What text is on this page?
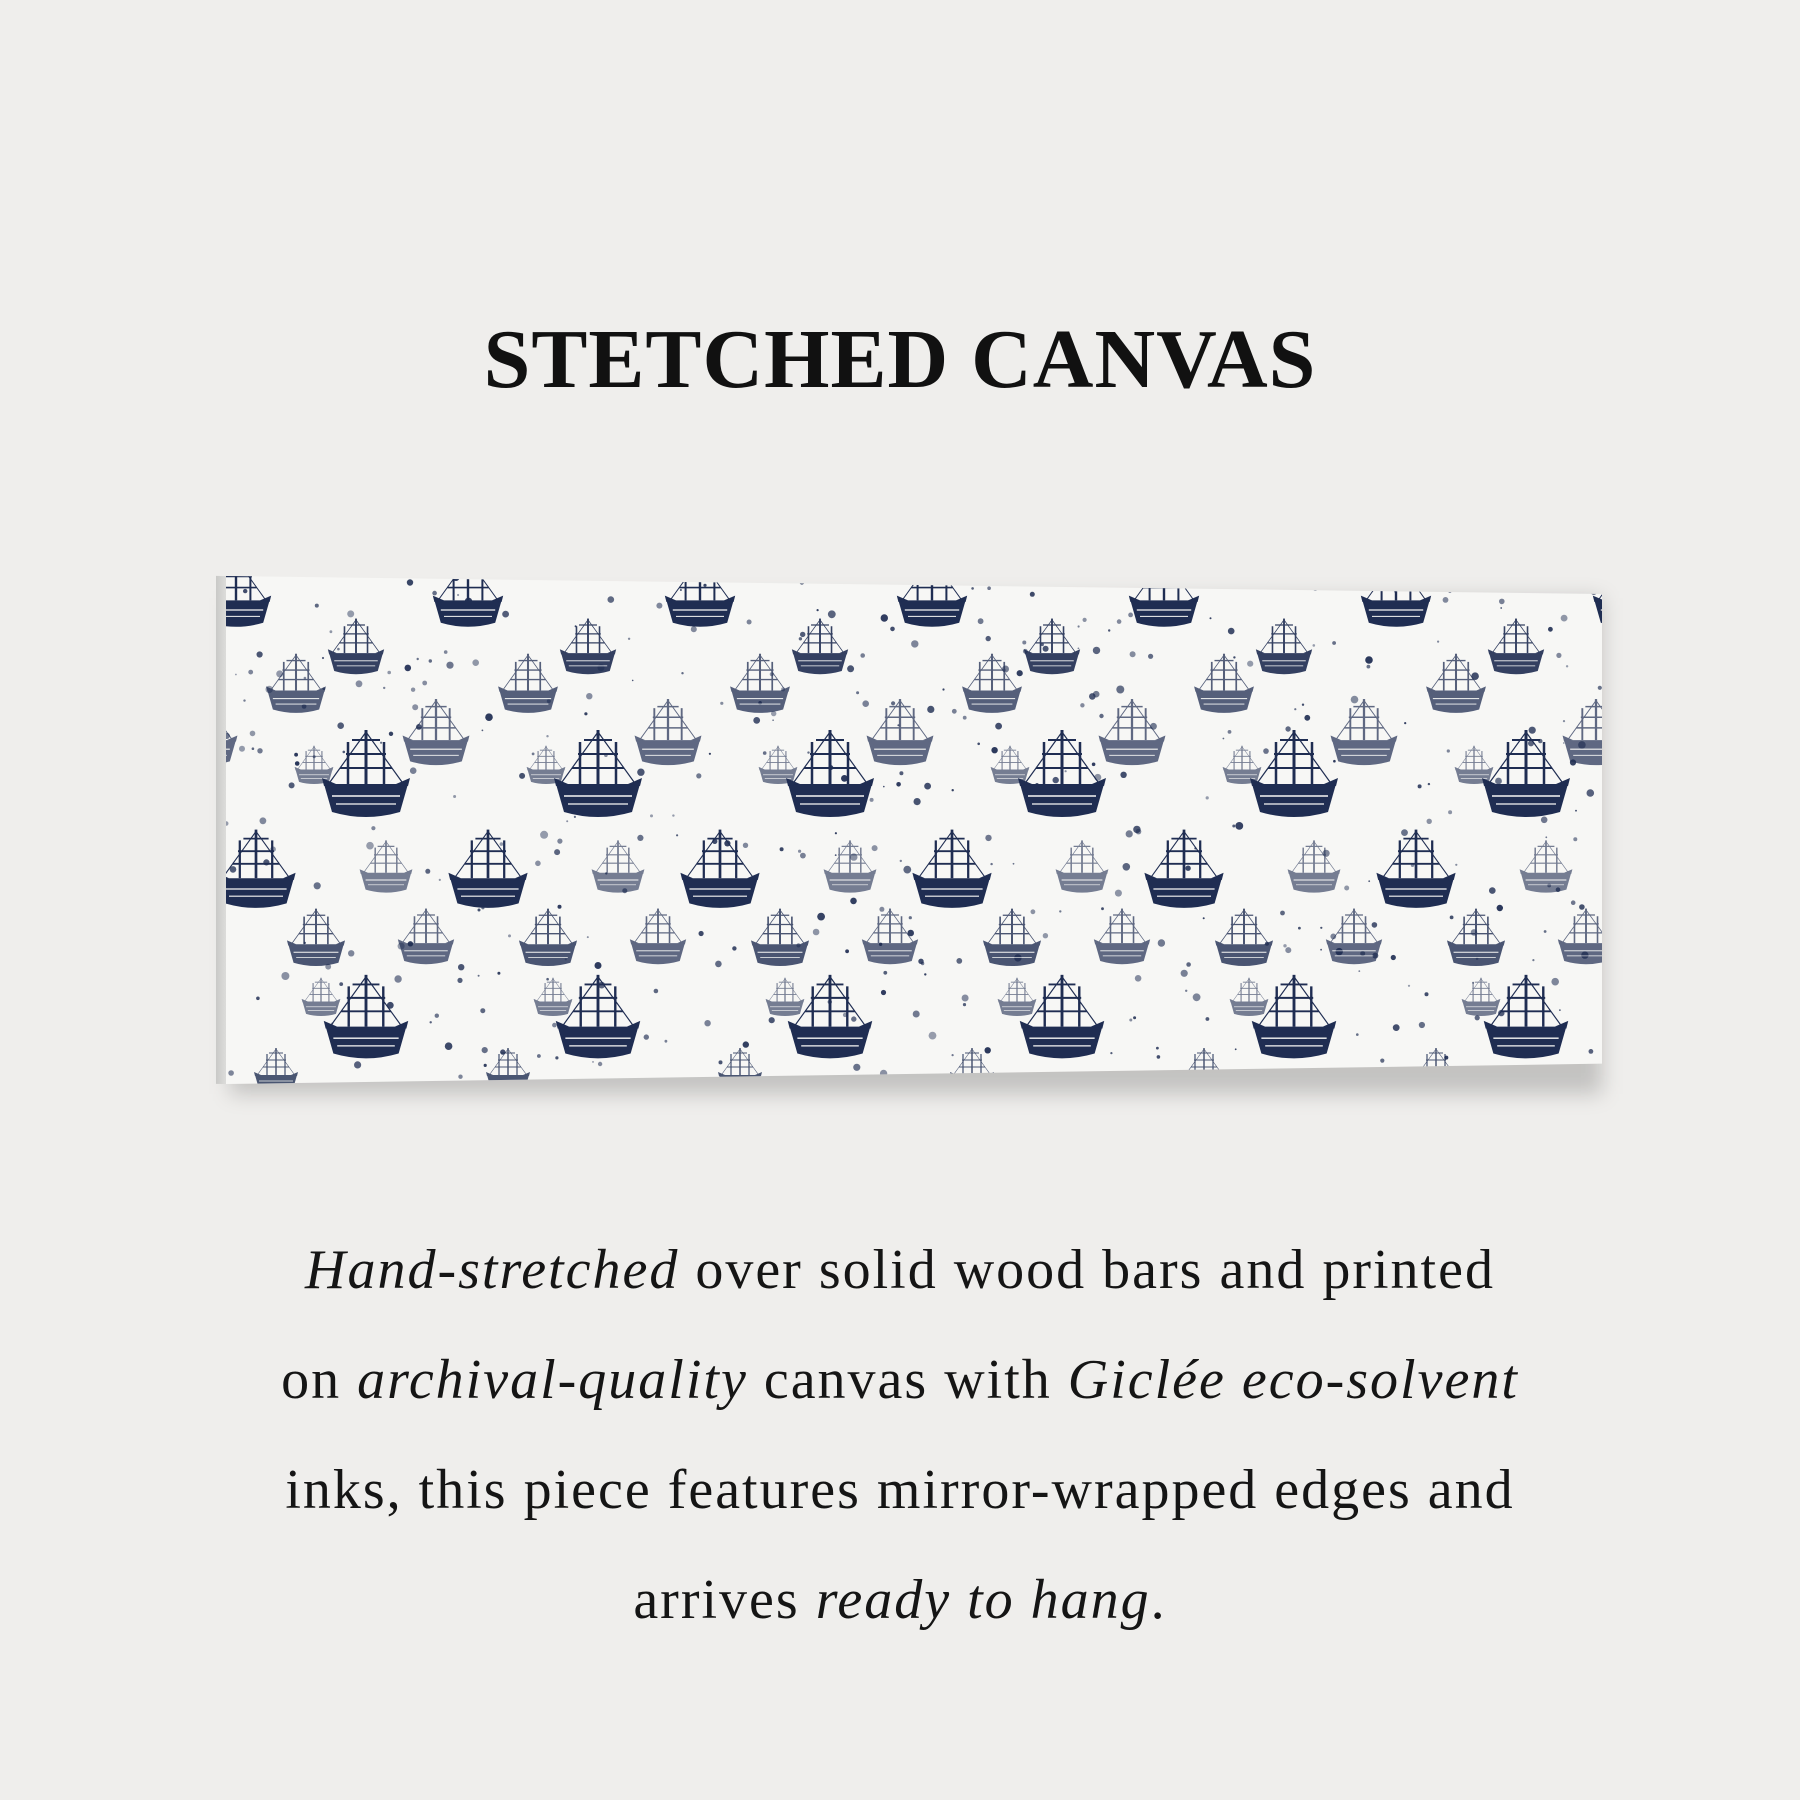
STETCHED CANVAS

Hand-stretched over solid wood bars and printed
on archival-quality canvas with Giclée eco-solvent
inks, this piece features mirror-wrapped edges and
arrives ready to hang.
